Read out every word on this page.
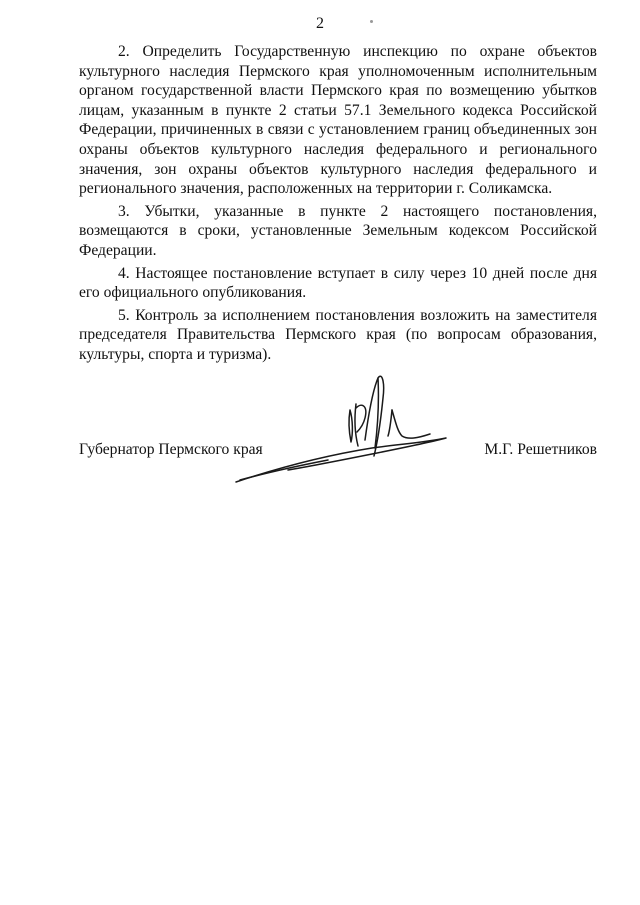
2

2. Определить Государственную инспекцию по охране объектов культурного наследия Пермского края уполномоченным исполнительным органом государственной власти Пермского края по возмещению убытков лицам, указанным в пункте 2 статьи 57.1 Земельного кодекса Российской Федерации, причиненных в связи с установлением границ объединенных зон охраны объектов культурного наследия федерального и регионального значения, зон охраны объектов культурного наследия федерального и регионального значения, расположенных на территории г. Соликамска.

3. Убытки, указанные в пункте 2 настоящего постановления, возмещаются в сроки, установленные Земельным кодексом Российской Федерации.

4. Настоящее постановление вступает в силу через 10 дней после дня его официального опубликования.

5. Контроль за исполнением постановления возложить на заместителя председателя Правительства Пермского края (по вопросам образования, культуры, спорта и туризма).

Губернатор Пермского края	М.Г. Решетников
